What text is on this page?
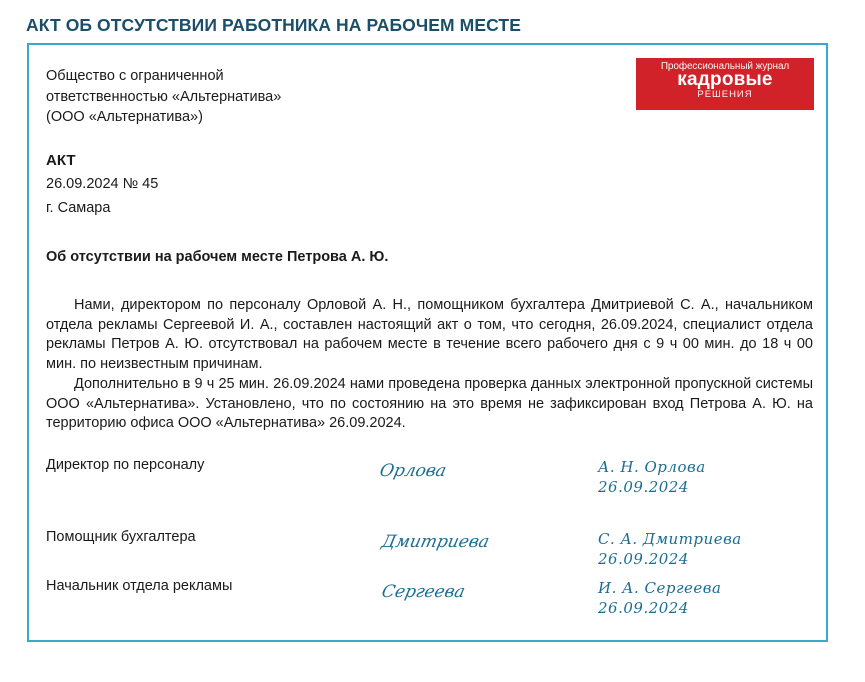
АКТ ОБ ОТСУТСТВИИ РАБОТНИКА НА РАБОЧЕМ МЕСТЕ
Общество с ограниченной
ответственностью «Альтернатива»
(ООО «Альтернатива»)
Профессиональный журнал
кадровые
РЕШЕНИЯ
АКТ
26.09.2024 № 45
г. Самара
Об отсутствии на рабочем месте Петрова А. Ю.

Нами, директором по персоналу Орловой А. Н., помощником бухгалтера Дмитриевой С. А., начальником отдела рекламы Сергеевой И. А., составлен настоящий акт о том, что сегодня, 26.09.2024, специалист отдела рекламы Петров А. Ю. отсутствовал на рабочем месте в течение всего рабочего дня с 9 ч 00 мин. до 18 ч 00 мин. по неизвестным причинам.

Дополнительно в 9 ч 25 мин. 26.09.2024 нами проведена проверка данных электронной пропускной системы ООО «Альтернатива». Установлено, что по состоянию на это время не зафиксирован вход Петрова А. Ю. на территорию офиса ООО «Альтернатива» 26.09.2024.

Директор по персоналу	Орлова	А. Н. Орлова
26.09.2024
Помощник бухгалтера	Дмитриева	С. А. Дмитриева
26.09.2024
Начальник отдела рекламы	Сергеева	И. А. Сергеева
26.09.2024
